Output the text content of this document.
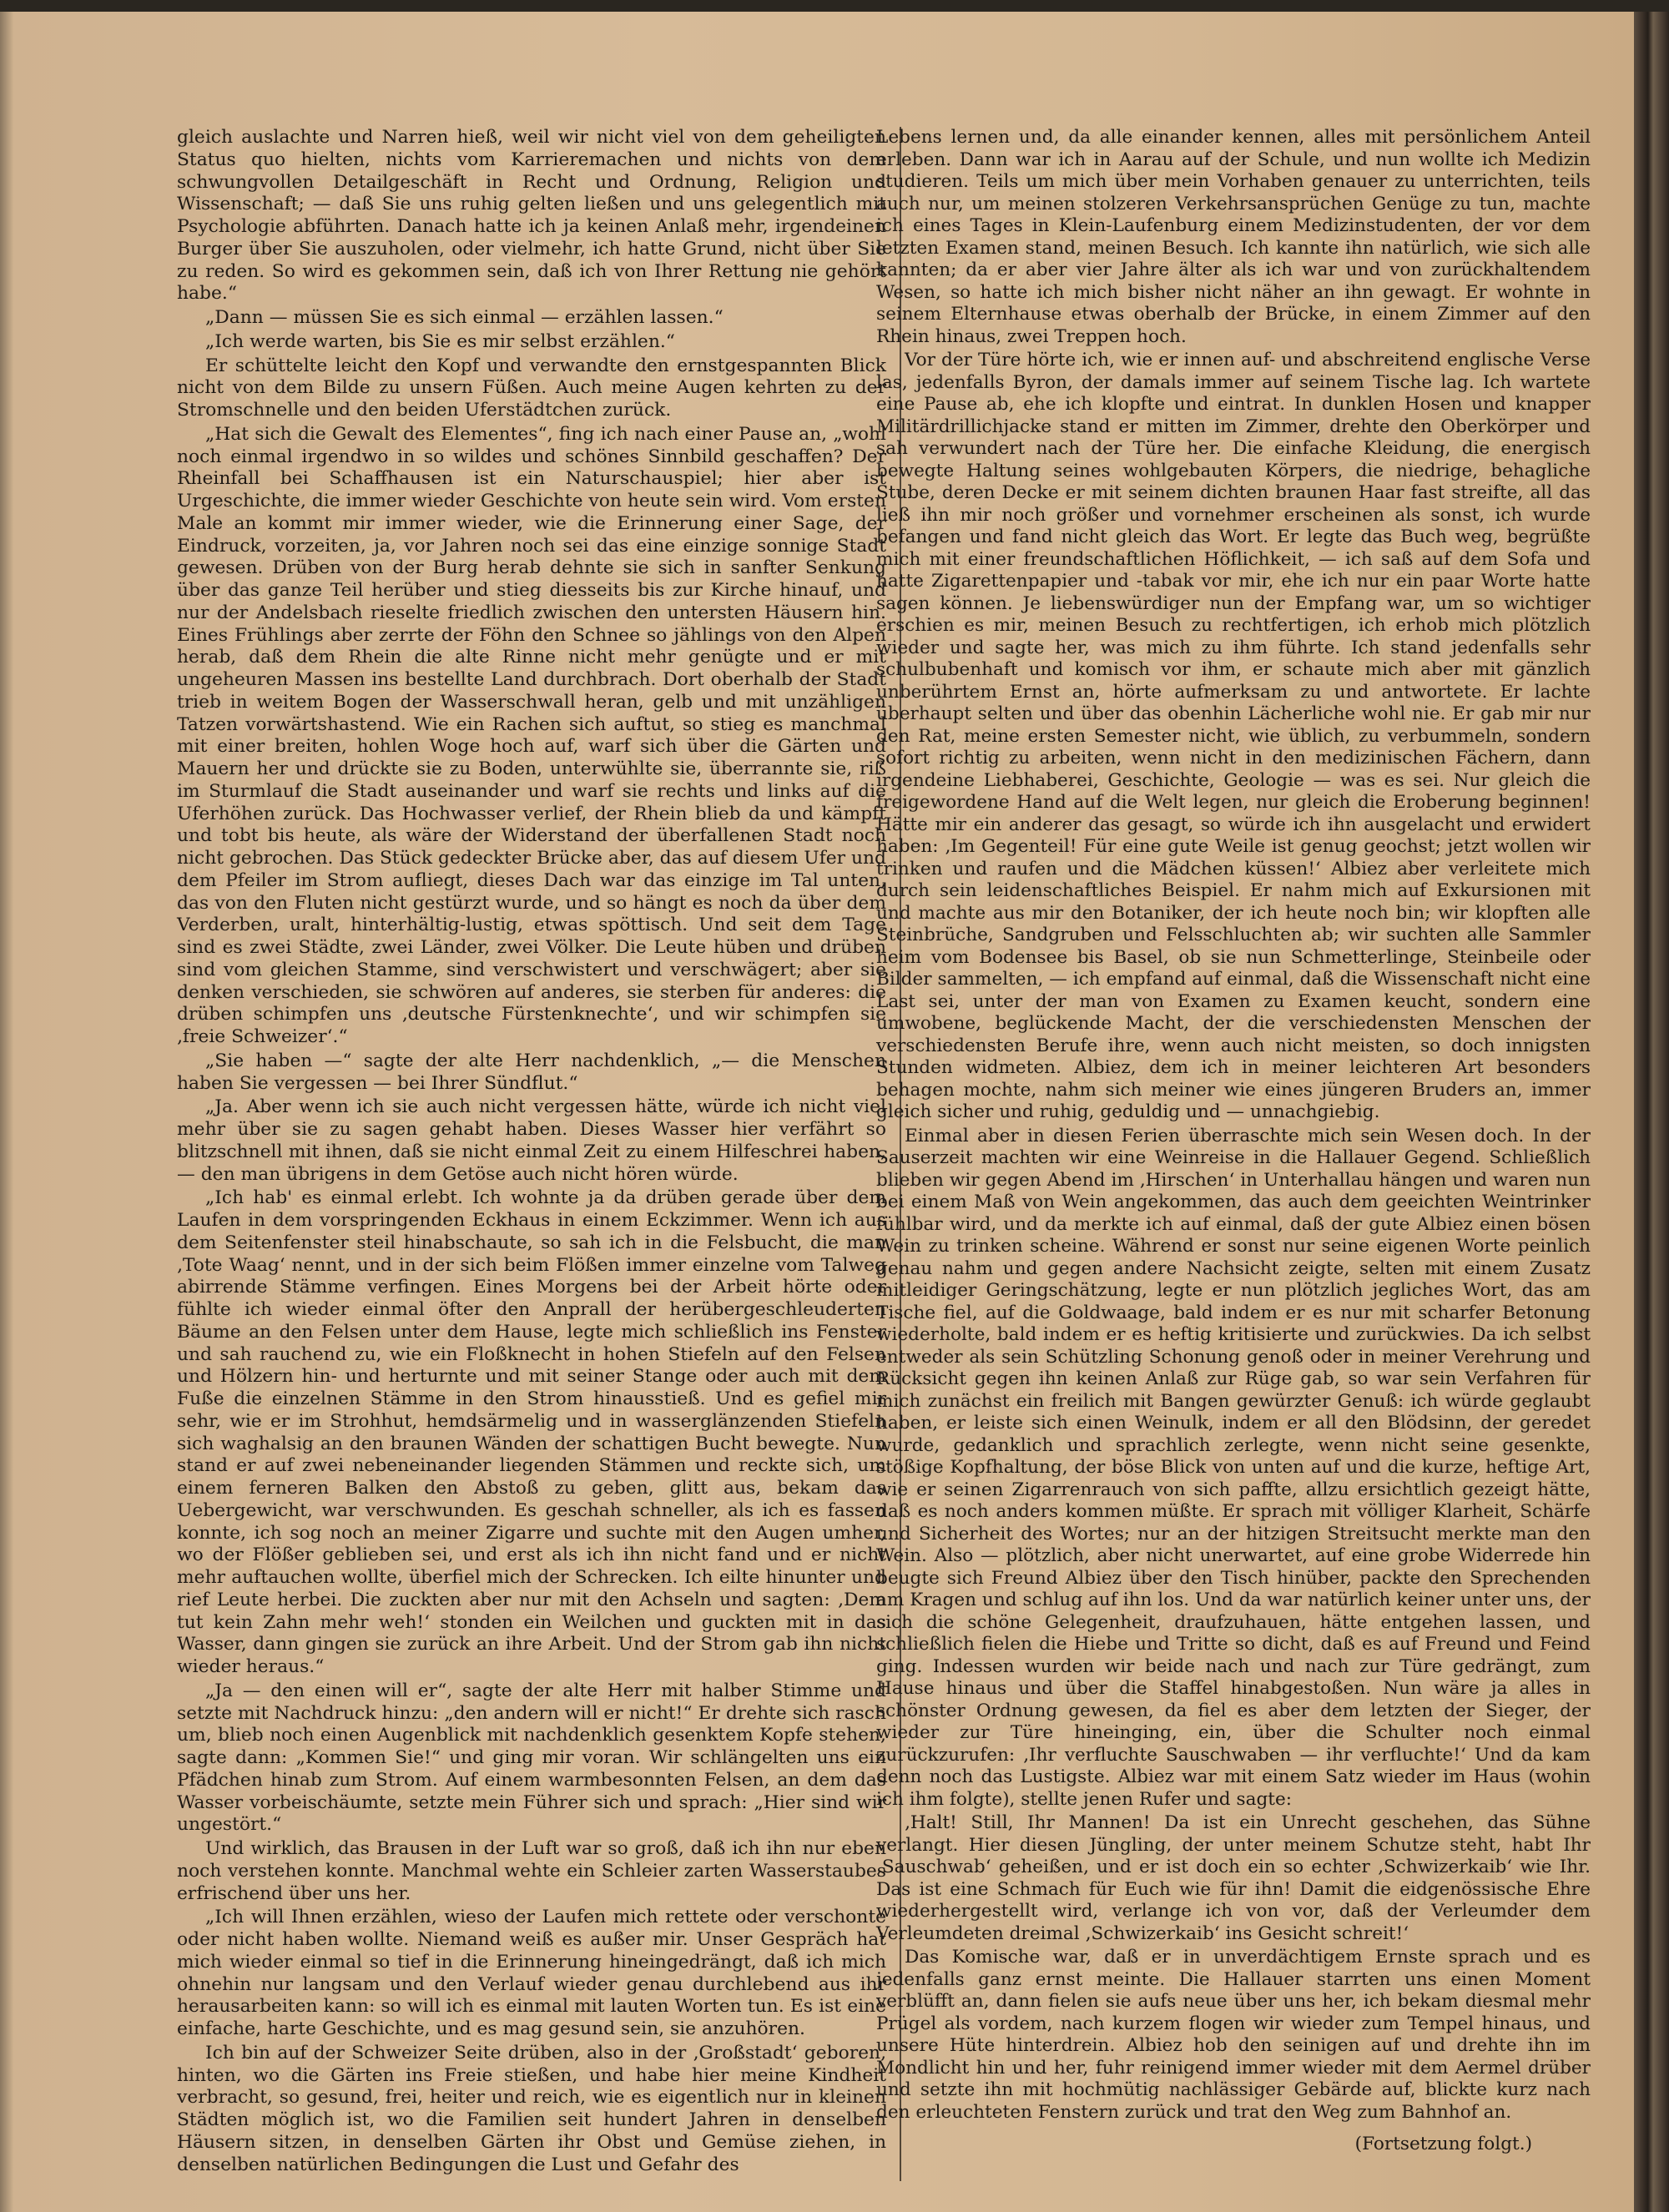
gleich auslachte und Narren hieß, weil wir nicht viel von dem geheiligten Status quo hielten, nichts vom Karrieremachen und nichts von dem schwungvollen Detailgeschäft in Recht und Ordnung, Religion und Wissenschaft; — daß Sie uns ruhig gelten ließen und uns gelegentlich mit Psychologie abführten. Danach hatte ich ja keinen Anlaß mehr, irgendeinen Burger über Sie auszuholen, oder vielmehr, ich hatte Grund, nicht über Sie zu reden. So wird es gekommen sein, daß ich von Ihrer Rettung nie gehört habe.“

„Dann — müssen Sie es sich einmal — erzählen lassen.“

„Ich werde warten, bis Sie es mir selbst erzählen.“

Er schüttelte leicht den Kopf und verwandte den ernstgespannten Blick nicht von dem Bilde zu unsern Füßen. Auch meine Augen kehrten zu der Stromschnelle und den beiden Uferstädtchen zurück.

„Hat sich die Gewalt des Elementes“, fing ich nach einer Pause an, „wohl noch einmal irgendwo in so wildes und schönes Sinnbild geschaffen? Der Rheinfall bei Schaffhausen ist ein Naturschauspiel; hier aber ist Urgeschichte, die immer wieder Geschichte von heute sein wird. Vom ersten Male an kommt mir immer wieder, wie die Erinnerung einer Sage, der Eindruck, vorzeiten, ja, vor Jahren noch sei das eine einzige sonnige Stadt gewesen. Drüben von der Burg herab dehnte sie sich in sanfter Senkung über das ganze Teil herüber und stieg diesseits bis zur Kirche hinauf, und nur der Andelsbach rieselte friedlich zwischen den untersten Häusern hin. Eines Frühlings aber zerrte der Föhn den Schnee so jählings von den Alpen herab, daß dem Rhein die alte Rinne nicht mehr genügte und er mit ungeheuren Massen ins bestellte Land durchbrach. Dort oberhalb der Stadt trieb in weitem Bogen der Wasserschwall heran, gelb und mit unzähligen Tatzen vorwärtshastend. Wie ein Rachen sich auftut, so stieg es manchmal mit einer breiten, hohlen Woge hoch auf, warf sich über die Gärten und Mauern her und drückte sie zu Boden, unterwühlte sie, überrannte sie, riß im Sturmlauf die Stadt auseinander und warf sie rechts und links auf die Uferhöhen zurück. Das Hochwasser verlief, der Rhein blieb da und kämpft und tobt bis heute, als wäre der Widerstand der überfallenen Stadt noch nicht gebrochen. Das Stück gedeckter Brücke aber, das auf diesem Ufer und dem Pfeiler im Strom aufliegt, dieses Dach war das einzige im Tal unten, das von den Fluten nicht gestürzt wurde, und so hängt es noch da über dem Verderben, uralt, hinterhältig-lustig, etwas spöttisch. Und seit dem Tage sind es zwei Städte, zwei Länder, zwei Völker. Die Leute hüben und drüben sind vom gleichen Stamme, sind verschwistert und verschwägert; aber sie denken verschieden, sie schwören auf anderes, sie sterben für anderes: die drüben schimpfen uns ‚deutsche Fürstenknechte‘, und wir schimpfen sie ‚freie Schweizer‘.“

„Sie haben —“ sagte der alte Herr nachdenklich, „— die Menschen haben Sie vergessen — bei Ihrer Sündflut.“

„Ja. Aber wenn ich sie auch nicht vergessen hätte, würde ich nicht viel mehr über sie zu sagen gehabt haben. Dieses Wasser hier verfährt so blitzschnell mit ihnen, daß sie nicht einmal Zeit zu einem Hilfeschrei haben, — den man übrigens in dem Getöse auch nicht hören würde.

„Ich hab' es einmal erlebt. Ich wohnte ja da drüben gerade über dem Laufen in dem vorspringenden Eckhaus in einem Eckzimmer. Wenn ich aus dem Seitenfenster steil hinabschaute, so sah ich in die Felsbucht, die man ‚Tote Waag‘ nennt, und in der sich beim Flößen immer einzelne vom Talweg abirrende Stämme verfingen. Eines Morgens bei der Arbeit hörte oder fühlte ich wieder einmal öfter den Anprall der herübergeschleuderten Bäume an den Felsen unter dem Hause, legte mich schließlich ins Fenster und sah rauchend zu, wie ein Floßknecht in hohen Stiefeln auf den Felsen und Hölzern hin- und herturnte und mit seiner Stange oder auch mit dem Fuße die einzelnen Stämme in den Strom hinausstieß. Und es gefiel mir sehr, wie er im Strohhut, hemdsärmelig und in wasserglänzenden Stiefeln sich waghalsig an den braunen Wänden der schattigen Bucht bewegte. Nun stand er auf zwei nebeneinander liegenden Stämmen und reckte sich, um einem ferneren Balken den Abstoß zu geben, glitt aus, bekam das Uebergewicht, war verschwunden. Es geschah schneller, als ich es fassen konnte, ich sog noch an meiner Zigarre und suchte mit den Augen umher, wo der Flößer geblieben sei, und erst als ich ihn nicht fand und er nicht mehr auftauchen wollte, überfiel mich der Schrecken. Ich eilte hinunter und rief Leute herbei. Die zuckten aber nur mit den Achseln und sagten: ‚Dem tut kein Zahn mehr weh!‘ stonden ein Weilchen und guckten mit in das Wasser, dann gingen sie zurück an ihre Arbeit. Und der Strom gab ihn nicht wieder heraus.“

„Ja — den einen will er“, sagte der alte Herr mit halber Stimme und setzte mit Nachdruck hinzu: „den andern will er nicht!“ Er drehte sich rasch um, blieb noch einen Augenblick mit nachdenklich gesenktem Kopfe stehen, sagte dann: „Kommen Sie!“ und ging mir voran. Wir schlängelten uns ein Pfädchen hinab zum Strom. Auf einem warmbesonnten Felsen, an dem das Wasser vorbeischäumte, setzte mein Führer sich und sprach: „Hier sind wir ungestört.“

Und wirklich, das Brausen in der Luft war so groß, daß ich ihn nur eben noch verstehen konnte. Manchmal wehte ein Schleier zarten Wasserstaubes erfrischend über uns her.

„Ich will Ihnen erzählen, wieso der Laufen mich rettete oder verschonte oder nicht haben wollte. Niemand weiß es außer mir. Unser Gespräch hat mich wieder einmal so tief in die Erinnerung hineingedrängt, daß ich mich ohnehin nur langsam und den Verlauf wieder genau durchlebend aus ihr herausarbeiten kann: so will ich es einmal mit lauten Worten tun. Es ist eine einfache, harte Geschichte, und es mag gesund sein, sie anzuhören.

Ich bin auf der Schweizer Seite drüben, also in der ‚Großstadt‘ geboren, hinten, wo die Gärten ins Freie stießen, und habe hier meine Kindheit verbracht, so gesund, frei, heiter und reich, wie es eigentlich nur in kleinen Städten möglich ist, wo die Familien seit hundert Jahren in denselben Häusern sitzen, in denselben Gärten ihr Obst und Gemüse ziehen, in denselben natürlichen Bedingungen die Lust und Gefahr des

Lebens lernen und, da alle einander kennen, alles mit persönlichem Anteil erleben. Dann war ich in Aarau auf der Schule, und nun wollte ich Medizin studieren. Teils um mich über mein Vorhaben genauer zu unterrichten, teils auch nur, um meinen stolzeren Verkehrsansprüchen Genüge zu tun, machte ich eines Tages in Klein-Laufenburg einem Medizinstudenten, der vor dem letzten Examen stand, meinen Besuch. Ich kannte ihn natürlich, wie sich alle kannten; da er aber vier Jahre älter als ich war und von zurückhaltendem Wesen, so hatte ich mich bisher nicht näher an ihn gewagt. Er wohnte in seinem Elternhause etwas oberhalb der Brücke, in einem Zimmer auf den Rhein hinaus, zwei Treppen hoch.

Vor der Türe hörte ich, wie er innen auf- und abschreitend englische Verse las, jedenfalls Byron, der damals immer auf seinem Tische lag. Ich wartete eine Pause ab, ehe ich klopfte und eintrat. In dunklen Hosen und knapper Militärdrillichjacke stand er mitten im Zimmer, drehte den Oberkörper und sah verwundert nach der Türe her. Die einfache Kleidung, die energisch bewegte Haltung seines wohlgebauten Körpers, die niedrige, behagliche Stube, deren Decke er mit seinem dichten braunen Haar fast streifte, all das ließ ihn mir noch größer und vornehmer erscheinen als sonst, ich wurde befangen und fand nicht gleich das Wort. Er legte das Buch weg, begrüßte mich mit einer freundschaftlichen Höflichkeit, — ich saß auf dem Sofa und hatte Zigarettenpapier und -tabak vor mir, ehe ich nur ein paar Worte hatte sagen können. Je liebenswürdiger nun der Empfang war, um so wichtiger erschien es mir, meinen Besuch zu rechtfertigen, ich erhob mich plötzlich wieder und sagte her, was mich zu ihm führte. Ich stand jedenfalls sehr schulbubenhaft und komisch vor ihm, er schaute mich aber mit gänzlich unberührtem Ernst an, hörte aufmerksam zu und antwortete. Er lachte überhaupt selten und über das obenhin Lächerliche wohl nie. Er gab mir nur den Rat, meine ersten Semester nicht, wie üblich, zu verbummeln, sondern sofort richtig zu arbeiten, wenn nicht in den medizinischen Fächern, dann irgendeine Liebhaberei, Geschichte, Geologie — was es sei. Nur gleich die freigewordene Hand auf die Welt legen, nur gleich die Eroberung beginnen! Hätte mir ein anderer das gesagt, so würde ich ihn ausgelacht und erwidert haben: ‚Im Gegenteil! Für eine gute Weile ist genug geochst; jetzt wollen wir trinken und raufen und die Mädchen küssen!‘ Albiez aber verleitete mich durch sein leidenschaftliches Beispiel. Er nahm mich auf Exkursionen mit und machte aus mir den Botaniker, der ich heute noch bin; wir klopften alle Steinbrüche, Sandgruben und Felsschluchten ab; wir suchten alle Sammler heim vom Bodensee bis Basel, ob sie nun Schmetterlinge, Steinbeile oder Bilder sammelten, — ich empfand auf einmal, daß die Wissenschaft nicht eine Last sei, unter der man von Examen zu Examen keucht, sondern eine umwobene, beglückende Macht, der die verschiedensten Menschen der verschiedensten Berufe ihre, wenn auch nicht meisten, so doch innigsten Stunden widmeten. Albiez, dem ich in meiner leichteren Art besonders behagen mochte, nahm sich meiner wie eines jüngeren Bruders an, immer gleich sicher und ruhig, geduldig und — unnachgiebig.

Einmal aber in diesen Ferien überraschte mich sein Wesen doch. In der Sauserzeit machten wir eine Weinreise in die Hallauer Gegend. Schließlich blieben wir gegen Abend im ‚Hirschen‘ in Unterhallau hängen und waren nun bei einem Maß von Wein angekommen, das auch dem geeichten Weintrinker fühlbar wird, und da merkte ich auf einmal, daß der gute Albiez einen bösen Wein zu trinken scheine. Während er sonst nur seine eigenen Worte peinlich genau nahm und gegen andere Nachsicht zeigte, selten mit einem Zusatz mitleidiger Geringschätzung, legte er nun plötzlich jegliches Wort, das am Tische fiel, auf die Goldwaage, bald indem er es nur mit scharfer Betonung wiederholte, bald indem er es heftig kritisierte und zurückwies. Da ich selbst entweder als sein Schützling Schonung genoß oder in meiner Verehrung und Rücksicht gegen ihn keinen Anlaß zur Rüge gab, so war sein Verfahren für mich zunächst ein freilich mit Bangen gewürzter Genuß: ich würde geglaubt haben, er leiste sich einen Weinulk, indem er all den Blödsinn, der geredet wurde, gedanklich und sprachlich zerlegte, wenn nicht seine gesenkte, stößige Kopfhaltung, der böse Blick von unten auf und die kurze, heftige Art, wie er seinen Zigarrenrauch von sich paffte, allzu ersichtlich gezeigt hätte, daß es noch anders kommen müßte. Er sprach mit völliger Klarheit, Schärfe und Sicherheit des Wortes; nur an der hitzigen Streitsucht merkte man den Wein. Also — plötzlich, aber nicht unerwartet, auf eine grobe Widerrede hin beugte sich Freund Albiez über den Tisch hinüber, packte den Sprechenden am Kragen und schlug auf ihn los. Und da war natürlich keiner unter uns, der sich die schöne Gelegenheit, draufzuhauen, hätte entgehen lassen, und schließlich fielen die Hiebe und Tritte so dicht, daß es auf Freund und Feind ging. Indessen wurden wir beide nach und nach zur Türe gedrängt, zum Hause hinaus und über die Staffel hinabgestoßen. Nun wäre ja alles in schönster Ordnung gewesen, da fiel es aber dem letzten der Sieger, der wieder zur Türe hineinging, ein, über die Schulter noch einmal zurückzurufen: ‚Ihr verfluchte Sauschwaben — ihr verfluchte!‘ Und da kam denn noch das Lustigste. Albiez war mit einem Satz wieder im Haus (wohin ich ihm folgte), stellte jenen Rufer und sagte:

‚Halt! Still, Ihr Mannen! Da ist ein Unrecht geschehen, das Sühne verlangt. Hier diesen Jüngling, der unter meinem Schutze steht, habt Ihr ‚Sauschwab‘ geheißen, und er ist doch ein so echter ‚Schwizerkaib‘ wie Ihr. Das ist eine Schmach für Euch wie für ihn! Damit die eidgenössische Ehre wiederhergestellt wird, verlange ich von vor, daß der Verleumder dem Verleumdeten dreimal ‚Schwizerkaib‘ ins Gesicht schreit!‘

Das Komische war, daß er in unverdächtigem Ernste sprach und es jedenfalls ganz ernst meinte. Die Hallauer starrten uns einen Moment verblüfft an, dann fielen sie aufs neue über uns her, ich bekam diesmal mehr Prügel als vordem, nach kurzem flogen wir wieder zum Tempel hinaus, und unsere Hüte hinterdrein. Albiez hob den seinigen auf und drehte ihn im Mondlicht hin und her, fuhr reinigend immer wieder mit dem Aermel drüber und setzte ihn mit hochmütig nachlässiger Gebärde auf, blickte kurz nach den erleuchteten Fenstern zurück und trat den Weg zum Bahnhof an.

(Fortsetzung folgt.)
